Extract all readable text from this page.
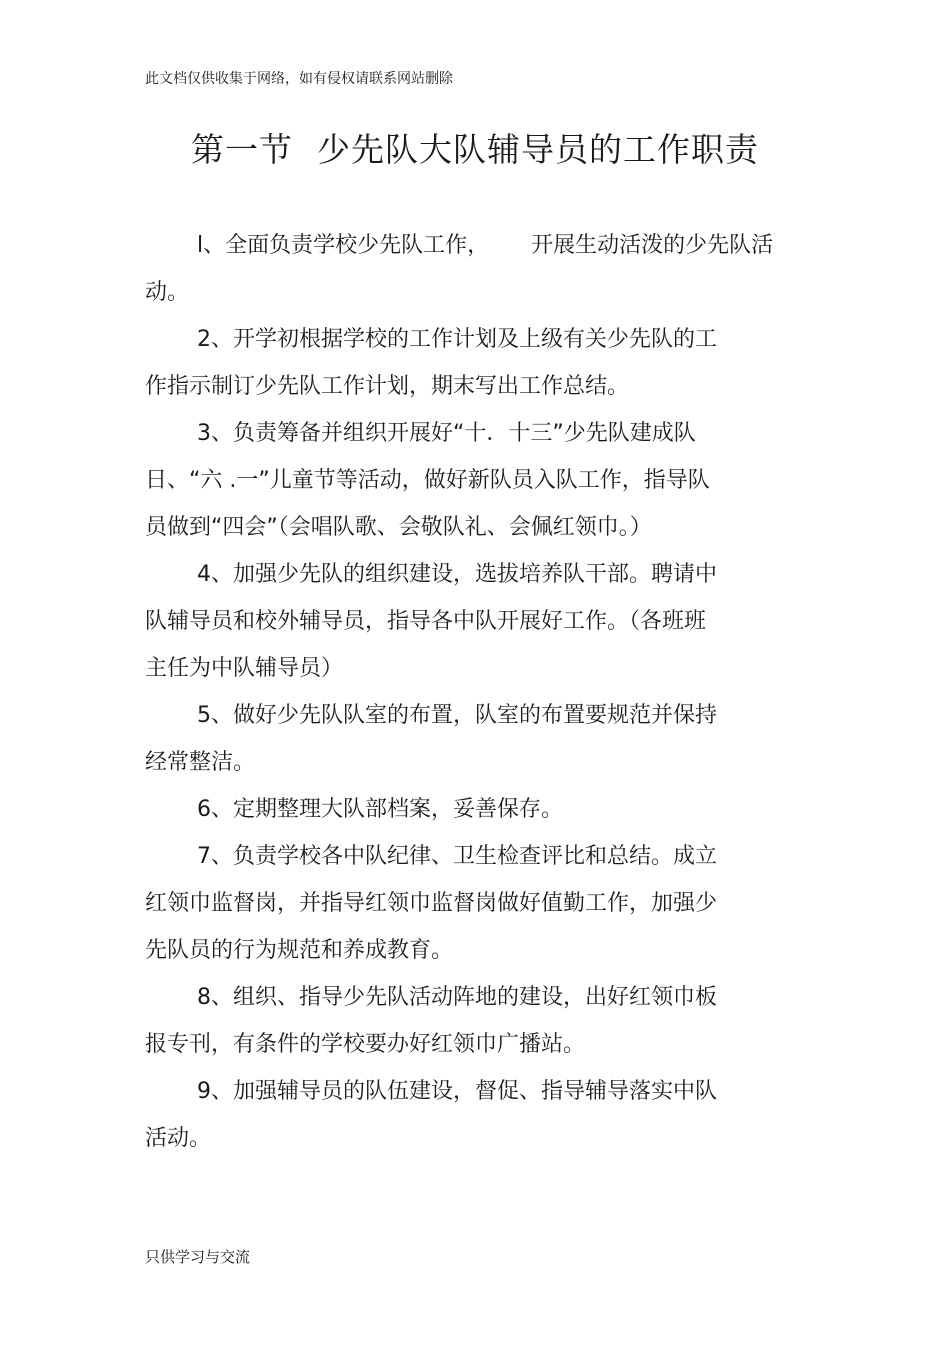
此文档仅供收集于网络，如有侵权请联系网站删除
第一节 少先队大队辅导员的工作职责
l、全面负责学校少先队工作，      开展生动活泼的少先队活
动。
2、开学初根据学校的工作计划及上级有关少先队的工
作指示制订少先队工作计划，期末写出工作总结。
3、负责筹备并组织开展好“十．十三”少先队建成队
日、“六 .一”儿童节等活动，做好新队员入队工作，指导队
员做到“四会”（会唱队歌、会敬队礼、会佩红领巾。）
4、加强少先队的组织建设，选拔培养队干部。聘请中
队辅导员和校外辅导员，指导各中队开展好工作。（各班班
主任为中队辅导员）
5、做好少先队队室的布置，队室的布置要规范并保持
经常整洁。
6、定期整理大队部档案，妥善保存。
7、负责学校各中队纪律、卫生检查评比和总结。成立
红领巾监督岗，并指导红领巾监督岗做好值勤工作，加强少
先队员的行为规范和养成教育。
8、组织、指导少先队活动阵地的建设，出好红领巾板
报专刊，有条件的学校要办好红领巾广播站。
9、加强辅导员的队伍建设，督促、指导辅导落实中队
活动。
只供学习与交流
